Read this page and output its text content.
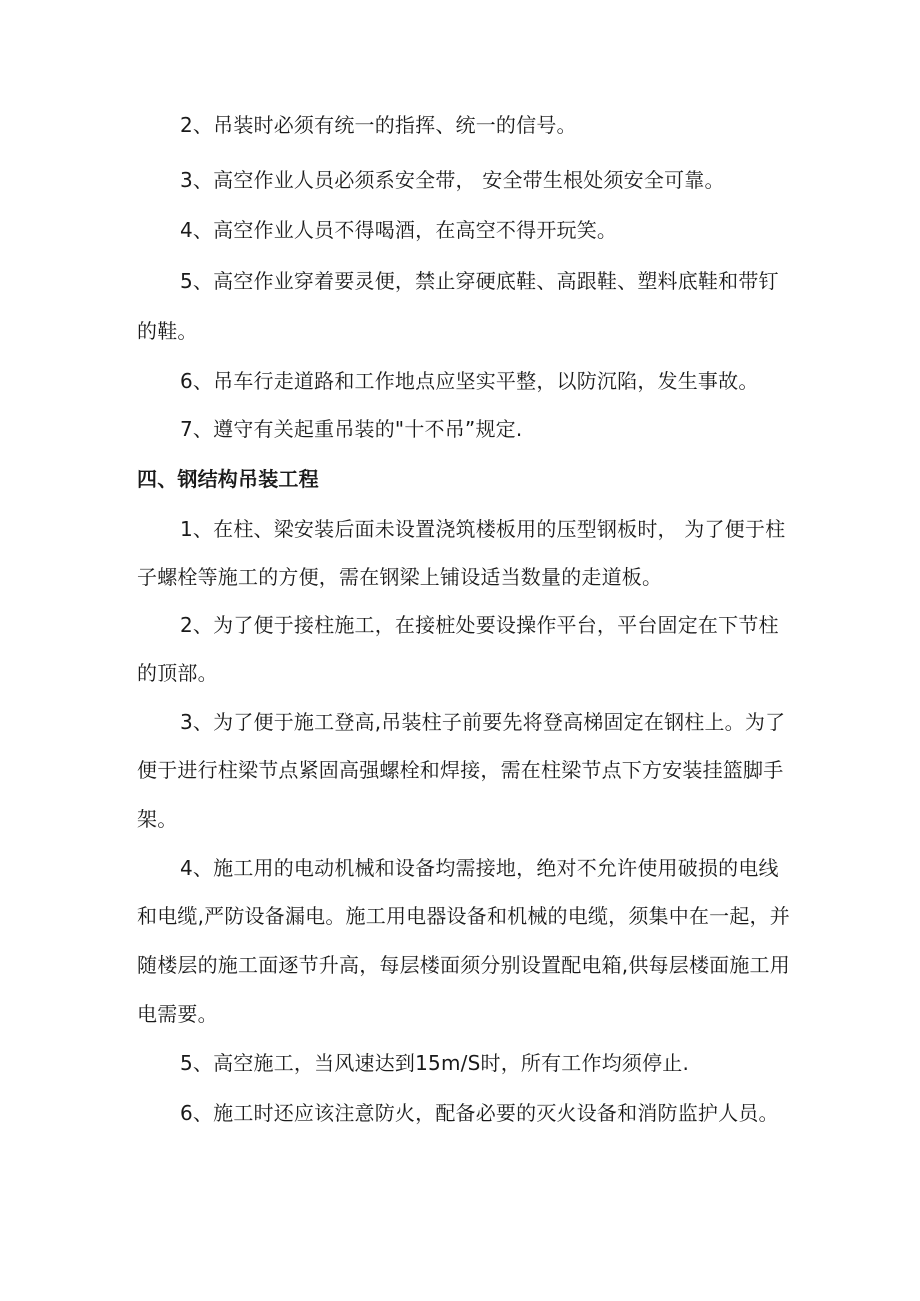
2、吊装时必须有统一的指挥、统一的信号。
3、高空作业人员必须系安全带， 安全带生根处须安全可靠。
4、高空作业人员不得喝酒，在高空不得开玩笑。
5、高空作业穿着要灵便，禁止穿硬底鞋、高跟鞋、塑料底鞋和带钉
的鞋。
6、吊车行走道路和工作地点应坚实平整，以防沉陷，发生事故。
7、遵守有关起重吊装的"十不吊”规定.
四、钢结构吊装工程
1、在柱、梁安装后面未设置浇筑楼板用的压型钢板时， 为了便于柱
子螺栓等施工的方便，需在钢梁上铺设适当数量的走道板。
2、为了便于接柱施工，在接桩处要设操作平台，平台固定在下节柱
的顶部。
3、为了便于施工登高,吊装柱子前要先将登高梯固定在钢柱上。为了
便于进行柱梁节点紧固高强螺栓和焊接，需在柱梁节点下方安装挂篮脚手
架。
4、施工用的电动机械和设备均需接地，绝对不允许使用破损的电线
和电缆,严防设备漏电。施工用电器设备和机械的电缆，须集中在一起，并
随楼层的施工面逐节升高，每层楼面须分别设置配电箱,供每层楼面施工用
电需要。
5、高空施工，当风速达到15m/S时，所有工作均须停止.
6、施工时还应该注意防火，配备必要的灭火设备和消防监护人员。
